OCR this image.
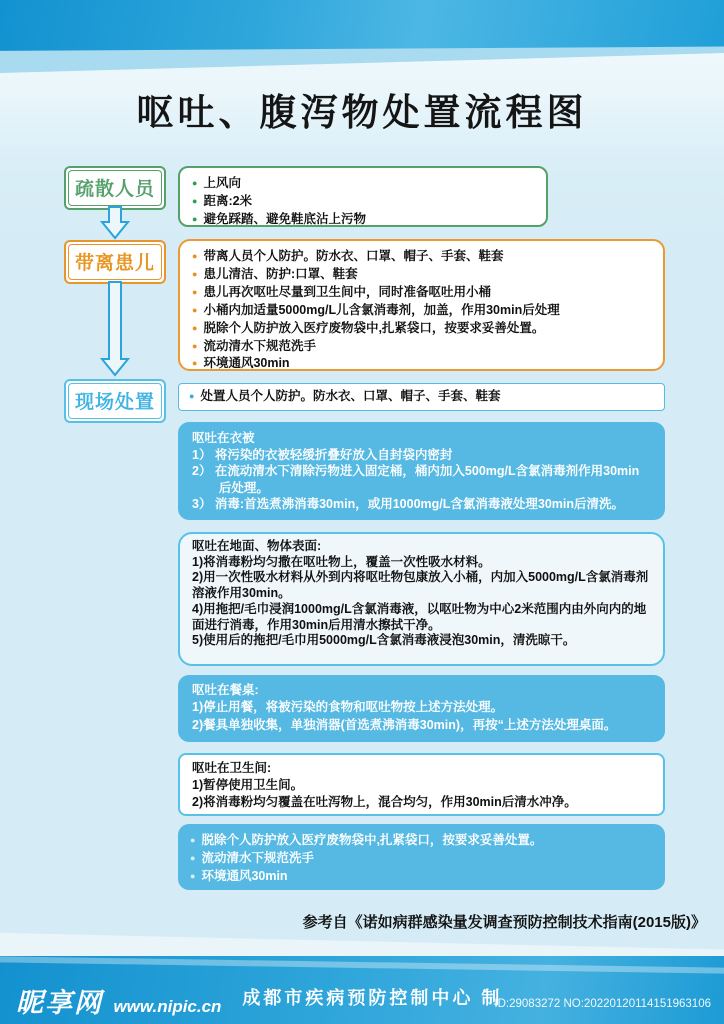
呕吐、腹泻物处置流程图
疏散人员
带离患儿
现场处置
● 上风向
● 距离:2米
● 避免踩踏、避免鞋底沾上污物
● 带离人员个人防护。防水衣、口罩、帽子、手套、鞋套
● 患儿清洁、防护:口罩、鞋套
● 患儿再次呕吐尽量到卫生间中，同时准备呕吐用小桶
● 小桶内加适量5000mg/L儿含氯消毒剂，加盖，作用30min后处理
● 脱除个人防护放入医疗废物袋中,扎紧袋口，按要求妥善处置。
● 流动清水下规范洗手
● 环境通风30min
● 处置人员个人防护。防水衣、口罩、帽子、手套、鞋套
呕吐在衣被
1） 将污染的衣被轻缓折叠好放入自封袋内密封
2） 在流动清水下清除污物进入固定桶，桶内加入500mg/L含氯消毒剂作用30min后处理。
3） 消毒:首选煮沸消毒30min，或用1000mg/L含氯消毒液处理30min后清洗。
呕吐在地面、物体表面:
1)将消毒粉均匀撒在呕吐物上，覆盖一次性吸水材料。
2)用一次性吸水材料从外到内将呕吐物包康放入小桶，内加入5000mg/L含氯消毒剂溶液作用30min。
4)用拖把/毛巾浸润1000mg/L含氯消毒液，以呕吐物为中心2米范围内由外向内的地面进行消毒，作用30min后用清水擦拭干净。
5)使用后的拖把/毛巾用5000mg/L含氯消毒液浸泡30min，清洗晾干。
呕吐在餐桌:
1)停止用餐，将被污染的食物和呕吐物按上述方法处理。
2)餐具单独收集，单独消器(首选煮沸消毒30min)，再按“上述方法处理桌面。
呕吐在卫生间:
1)暂停使用卫生间。
2)将消毒粉均匀覆盖在吐泻物上，混合均匀，作用30min后清水冲净。
● 脱除个人防护放入医疗废物袋中,扎紧袋口，按要求妥善处置。
● 流动清水下规范洗手
● 环境通风30min
参考自《诺如病群感染量发调查预防控制技术指南(2015版)》
成都市疾病预防控制中心 制
ID:29083272 NO:20220120114151963106
昵享网 www.nipic.cn
